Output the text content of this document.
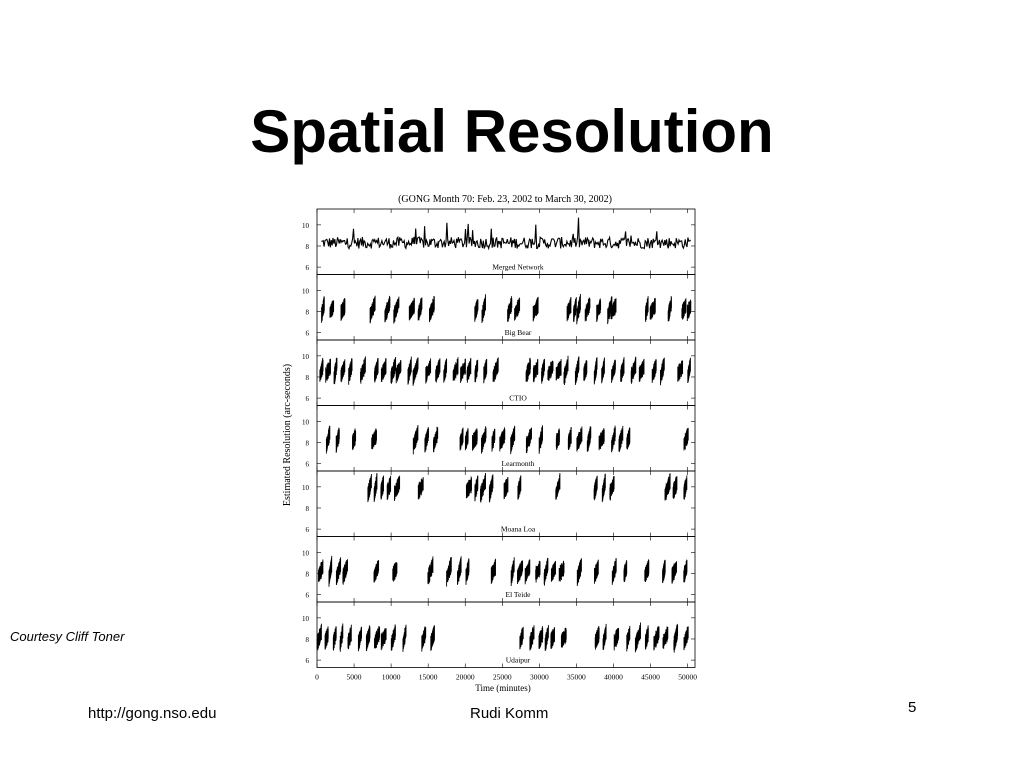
Spatial Resolution
(GONG Month 70: Feb. 23, 2002 to March 30, 2002)
6
8
10
Merged Network
6
8
10
Big Bear
6
8
10
CTIO
6
8
10
Learmonth
6
8
10
Moana Loa
6
8
10
El Teide
6
8
10
Udaipur
0	5000	10000 15000 20000 25000 30000 35000 40000 45000 50000
Time (minutes)
Estimated Resolution (arc-seconds)
Courtesy Cliff Toner
http://gong.nso.edu	Rudi Komm	5
